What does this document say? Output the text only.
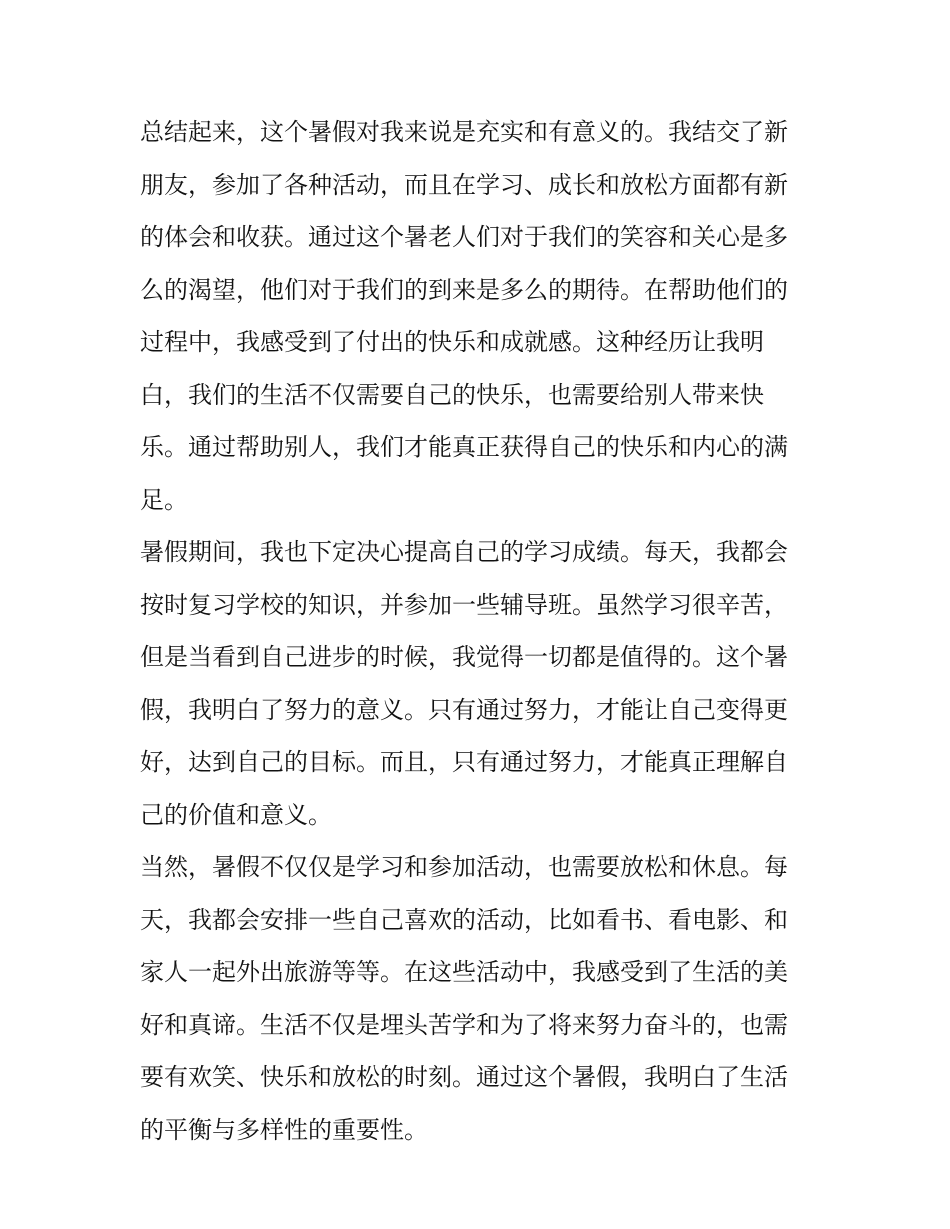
总结起来，这个暑假对我来说是充实和有意义的。我结交了新
朋友，参加了各种活动，而且在学习、成长和放松方面都有新
的体会和收获。通过这个暑老人们对于我们的笑容和关心是多
么的渴望，他们对于我们的到来是多么的期待。在帮助他们的
过程中，我感受到了付出的快乐和成就感。这种经历让我明
白，我们的生活不仅需要自己的快乐，也需要给别人带来快
乐。通过帮助别人，我们才能真正获得自己的快乐和内心的满
足。
暑假期间，我也下定决心提高自己的学习成绩。每天，我都会
按时复习学校的知识，并参加一些辅导班。虽然学习很辛苦，
但是当看到自己进步的时候，我觉得一切都是值得的。这个暑
假，我明白了努力的意义。只有通过努力，才能让自己变得更
好，达到自己的目标。而且，只有通过努力，才能真正理解自
己的价值和意义。
当然，暑假不仅仅是学习和参加活动，也需要放松和休息。每
天，我都会安排一些自己喜欢的活动，比如看书、看电影、和
家人一起外出旅游等等。在这些活动中，我感受到了生活的美
好和真谛。生活不仅是埋头苦学和为了将来努力奋斗的，也需
要有欢笑、快乐和放松的时刻。通过这个暑假，我明白了生活
的平衡与多样性的重要性。
